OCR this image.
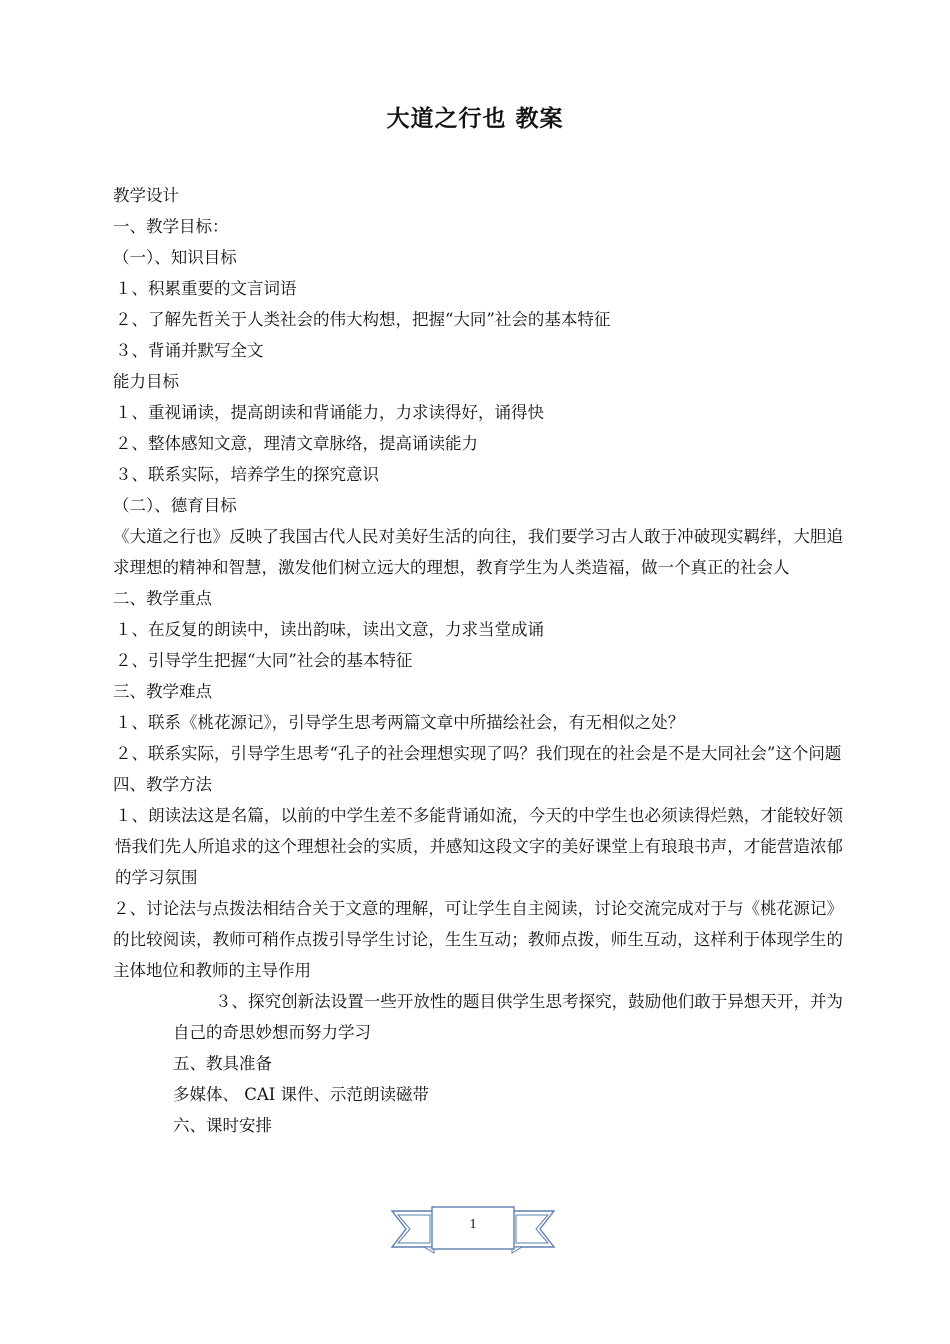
大道之行也 教案
教学设计
一、教学目标：
（一）、知识目标
１、积累重要的文言词语
２、了解先哲关于人类社会的伟大构想，把握“大同”社会的基本特征
３、背诵并默写全文
能力目标
１、重视诵读，提高朗读和背诵能力，力求读得好，诵得快
２、整体感知文意，理清文章脉络，提高诵读能力
３、联系实际，培养学生的探究意识
（二）、德育目标
《大道之行也》反映了我国古代人民对美好生活的向往，我们要学习古人敢于冲破现实羁绊，大胆追求理想的精神和智慧，激发他们树立远大的理想，教育学生为人类造福，做一个真正的社会人
二、教学重点
１、在反复的朗读中，读出韵味，读出文意，力求当堂成诵
２、引导学生把握“大同”社会的基本特征
三、教学难点
１、联系《桃花源记》，引导学生思考两篇文章中所描绘社会，有无相似之处？
２、联系实际，引导学生思考“孔子的社会理想实现了吗？我们现在的社会是不是大同社会”这个问题
四、教学方法
１、朗读法这是名篇，以前的中学生差不多能背诵如流，今天的中学生也必须读得烂熟，才能较好领悟我们先人所追求的这个理想社会的实质，并感知这段文字的美好课堂上有琅琅书声，才能营造浓郁的学习氛围
２、讨论法与点拨法相结合关于文意的理解，可让学生自主阅读，讨论交流完成对于与《桃花源记》的比较阅读，教师可稍作点拨引导学生讨论，生生互动；教师点拨，师生互动，这样利于体现学生的主体地位和教师的主导作用
３、探究创新法设置一些开放性的题目供学生思考探究，鼓励他们敢于异想天开，并为自己的奇思妙想而努力学习
五、教具准备
多媒体、 CAI 课件、示范朗读磁带
六、课时安排
1
